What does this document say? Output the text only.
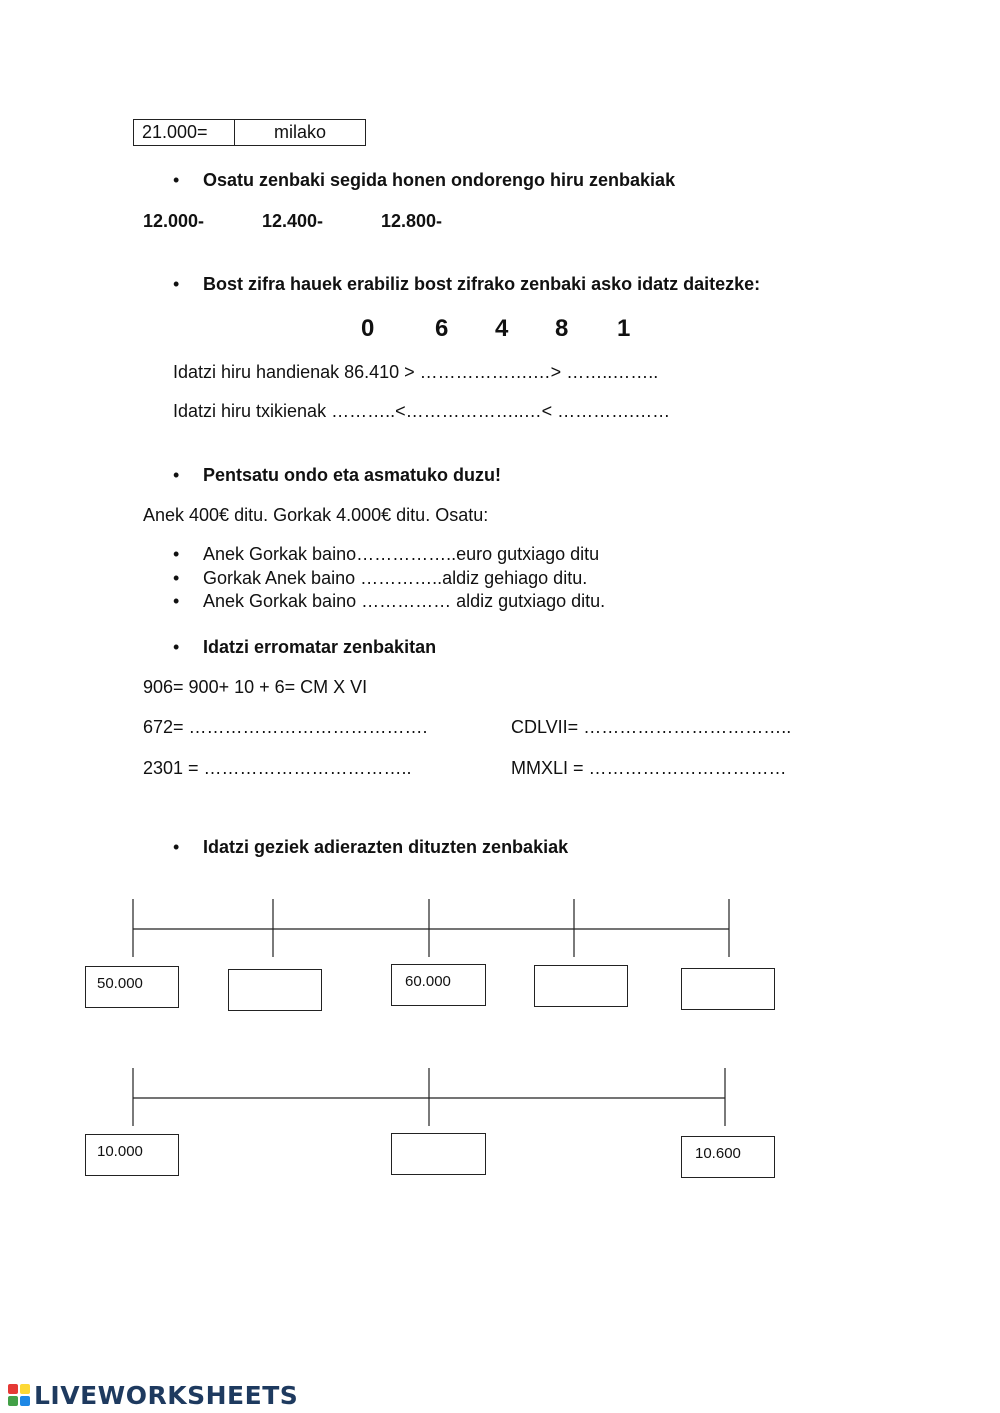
21.000=	milako
• Osatu zenbaki segida honen ondorengo hiru zenbakiak
12.000-	12.400-	12.800-
• Bost zifra hauek erabiliz bost zifrako zenbaki asko idatz daitezke:
0	6 4 8 1
Idatzi hiru handienak 86.410 > ……………….…> ……..……..
Idatzi hiru txikienak ………..<………………..…< ………….……
• Pentsatu ondo eta asmatuko duzu!
Anek 400€ ditu. Gorkak 4.000€ ditu. Osatu:
• Anek Gorkak baino……………..euro gutxiago ditu
• Gorkak Anek baino …………..aldiz gehiago ditu.
• Anek Gorkak baino …………… aldiz gutxiago ditu.
• Idatzi erromatar zenbakitan
906= 900+ 10 + 6= CM X VI
672= ………………………………….	CDLVII= ……………………………..
2301 = ……………………………..	MMXLI = ……………………………
• Idatzi geziek adierazten dituzten zenbakiak
50.000	60.000
10.000	10.600
LIVEWORKSHEETS
